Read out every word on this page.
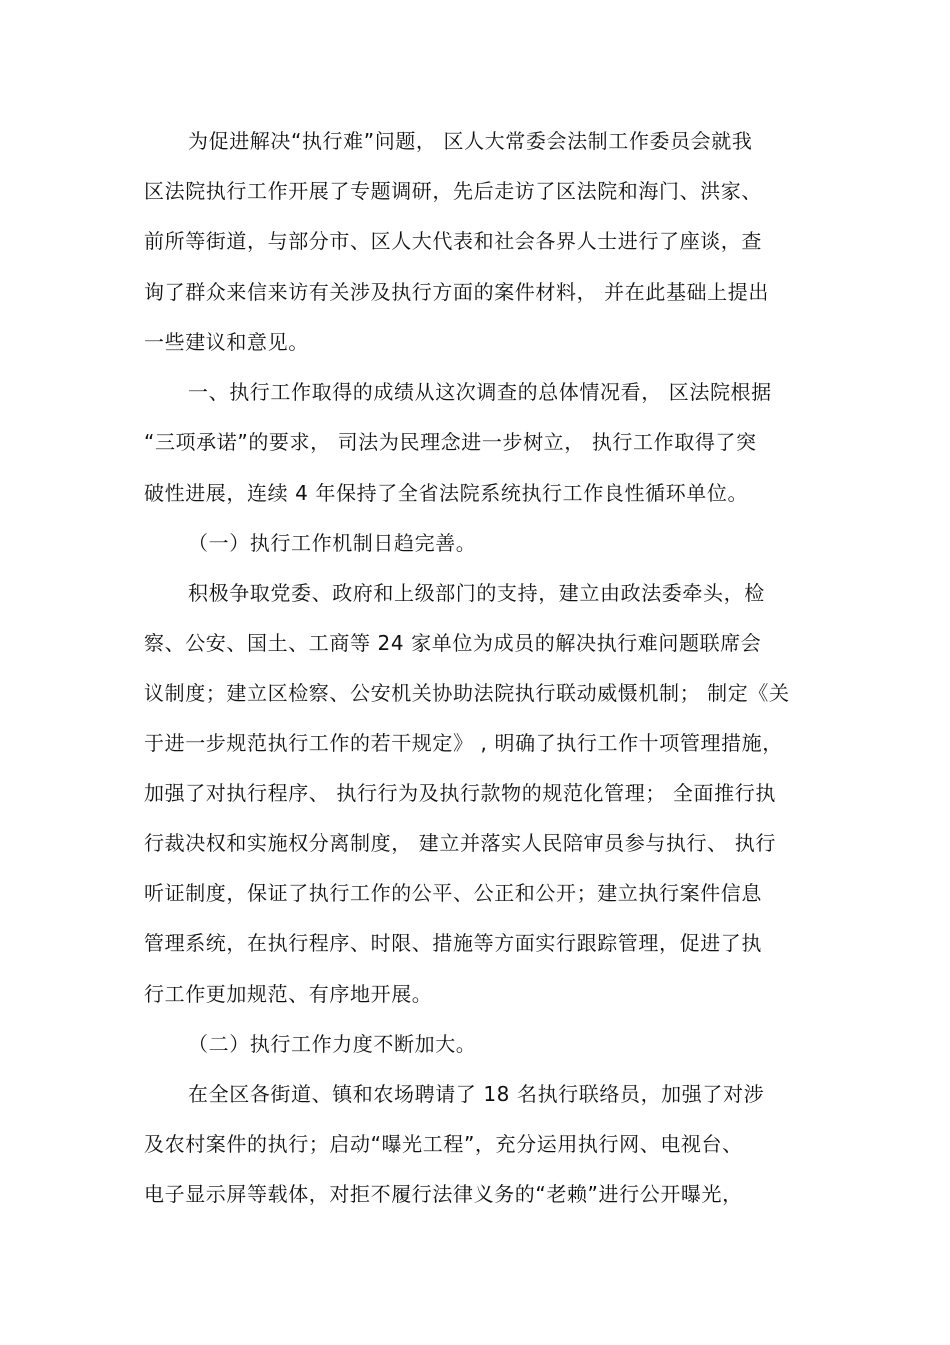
为促进解决“执行难”问题， 区人大常委会法制工作委员会就我
区法院执行工作开展了专题调研，先后走访了区法院和海门、洪家、
前所等街道，与部分市、区人大代表和社会各界人士进行了座谈，查
询了群众来信来访有关涉及执行方面的案件材料， 并在此基础上提出
一些建议和意见。
一、执行工作取得的成绩从这次调查的总体情况看， 区法院根据
“三项承诺”的要求， 司法为民理念进一步树立， 执行工作取得了突
破性进展，连续 4 年保持了全省法院系统执行工作良性循环单位。
（一）执行工作机制日趋完善。
积极争取党委、政府和上级部门的支持，建立由政法委牵头，检
察、公安、国土、工商等 24 家单位为成员的解决执行难问题联席会
议制度；建立区检察、公安机关协助法院执行联动威慑机制； 制定《关
于进一步规范执行工作的若干规定》 , 明确了执行工作十项管理措施，
加强了对执行程序、 执行行为及执行款物的规范化管理； 全面推行执
行裁决权和实施权分离制度， 建立并落实人民陪审员参与执行、 执行
听证制度，保证了执行工作的公平、公正和公开；建立执行案件信息
管理系统，在执行程序、时限、措施等方面实行跟踪管理，促进了执
行工作更加规范、有序地开展。
（二）执行工作力度不断加大。
在全区各街道、镇和农场聘请了 18 名执行联络员，加强了对涉
及农村案件的执行；启动“曝光工程”，充分运用执行网、电视台、
电子显示屏等载体，对拒不履行法律义务的“老赖”进行公开曝光，
